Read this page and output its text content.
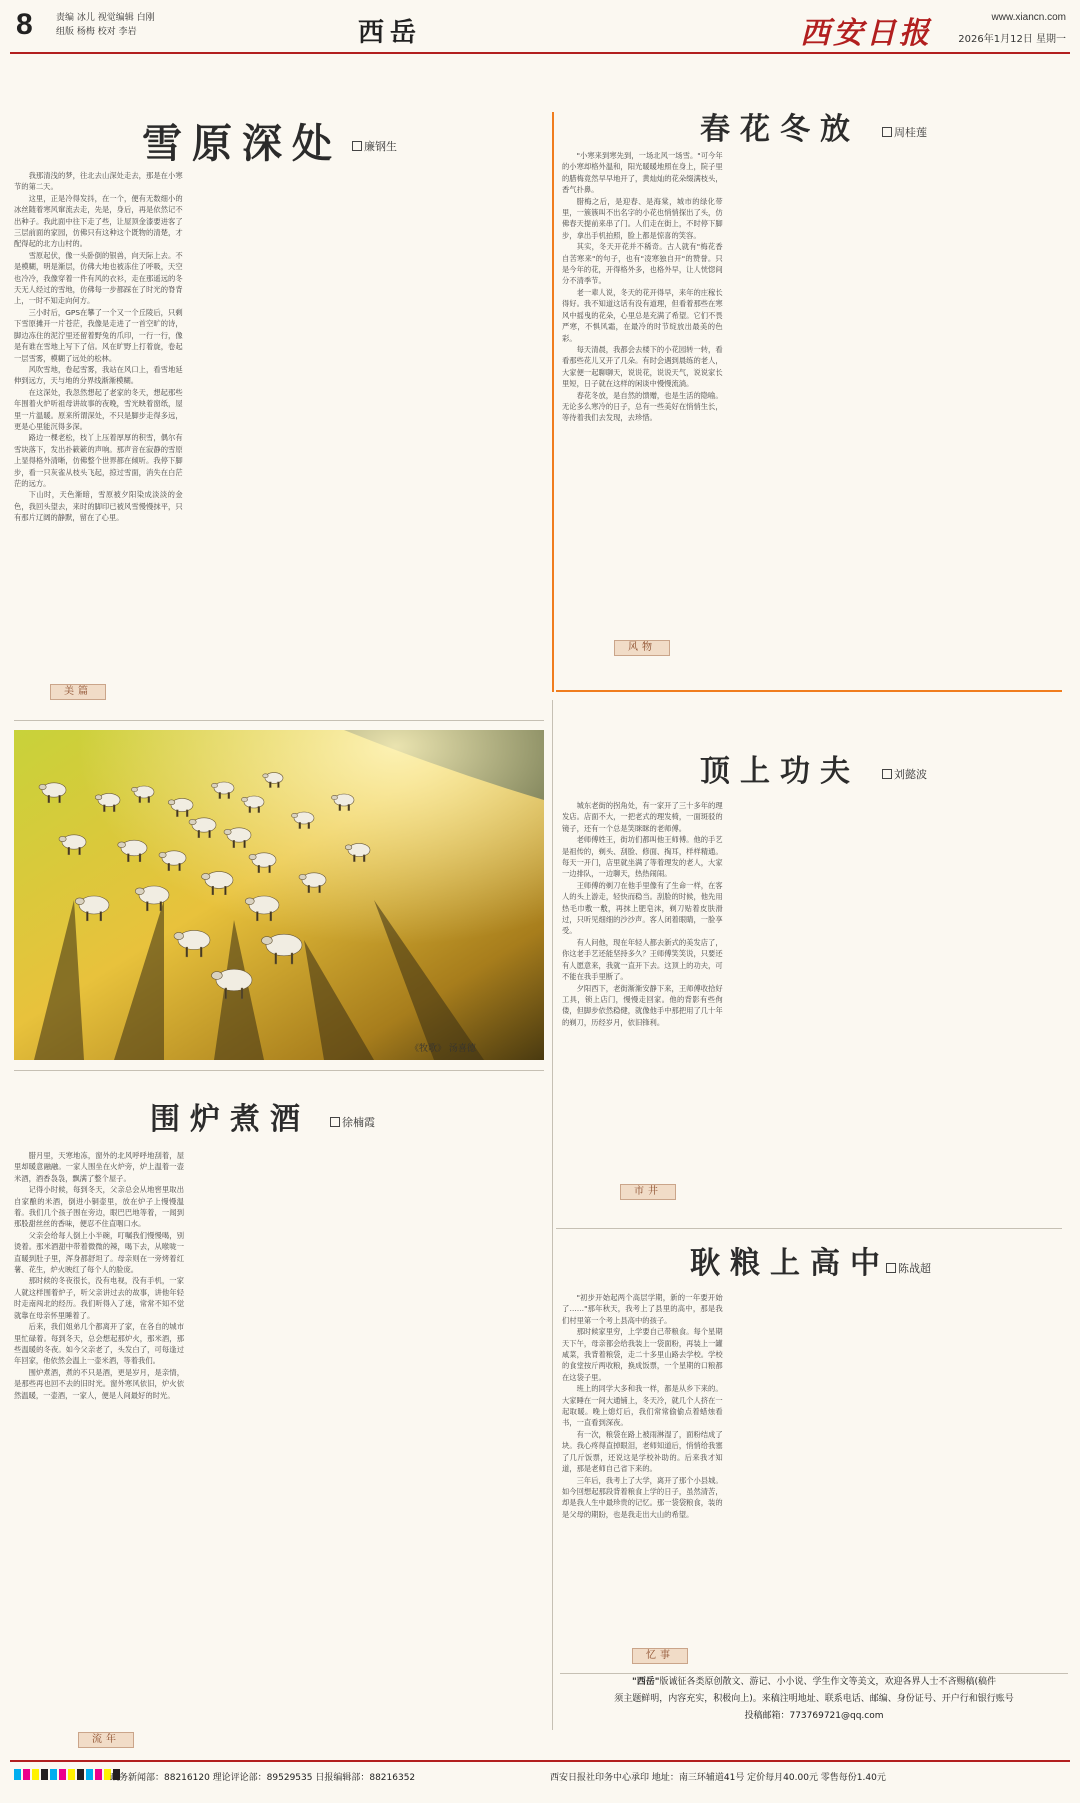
8	责编 冰儿 视觉编辑 白刚
组版 杨梅 校对 李岩	西岳	西安日报	www.xiancn.com
2026年1月12日 星期一
雪原深处	廉钢生

我那清浅的梦，往北去山深处走去，那是在小寒节的第二天。

这里，正是冷得发抖，在一个，便有无数细小的冰丝随着寒风窜流去走，先是，身后，再是依然记不出种子。我此面中往下走了些，让屋顶金漆要进客了三层前面的家园，仿佛只有这种这个既物的清楚，才配得起的北方山村的。

雪原起伏，像一头卧倒的银兽，向天际上去。不是模糊，明是渐层，仿佛大地也被冻住了呼吸，天空也冷冷，我像穿着一件有风的衣衫，走在那遥远的冬天无人经过的雪地，仿佛每一步都踩在了时光的脊背上，一时不知走向何方。

三小时后，GPS在攀了一个又一个丘陵后，只剩下雪原摊开一片苍茫，我像是走进了一首空旷的诗，脚边冻住的泥泞里还留着野兔的爪印，一行一行，像是有谁在雪地上写下了信。风在旷野上打着旋，卷起一层雪雾，模糊了远处的松林。

风吹雪地，卷起雪雾，我站在风口上，看雪地延伸到远方，天与地的分界线渐渐模糊。

在这深处，我忽然想起了老家的冬天，想起那些年围着火炉听祖母讲故事的夜晚，雪光映着窗纸，屋里一片温暖。原来所谓深处，不只是脚步走得多远，更是心里能沉得多深。

路边一棵老松，枝丫上压着厚厚的积雪，偶尔有雪块落下，发出扑簌簌的声响。那声音在寂静的雪原上显得格外清晰，仿佛整个世界都在倾听。我停下脚步，看一只灰雀从枝头飞起，掠过雪面，消失在白茫茫的远方。

下山时，天色渐暗，雪原被夕阳染成淡淡的金色，我回头望去，来时的脚印已被风雪慢慢抹平，只有那片辽阔的静默，留在了心里。

美篇
春花冬放	周桂莲

"小寒来到寒先到，一场北风一场雪。"可今年的小寒却格外温和，阳光暖暖地照在身上，院子里的腊梅竟然早早地开了，黄灿灿的花朵缀满枝头，香气扑鼻。

腊梅之后，是迎春、是海棠，城市的绿化带里，一簇簇叫不出名字的小花也悄悄探出了头，仿佛春天提前来串了门。人们走在街上，不时停下脚步，拿出手机拍照，脸上都是惊喜的笑容。

其实，冬天开花并不稀奇。古人就有"梅花香自苦寒来"的句子，也有"凌寒独自开"的赞誉。只是今年的花，开得格外多，也格外早，让人恍惚间分不清季节。

老一辈人说，冬天的花开得早，来年的庄稼长得好。我不知道这话有没有道理，但看着那些在寒风中摇曳的花朵，心里总是充满了希望。它们不畏严寒，不惧风霜，在最冷的时节绽放出最美的色彩。

每天清晨，我都会去楼下的小花园转一转，看看那些花儿又开了几朵。有时会遇到晨练的老人，大家便一起聊聊天，说说花，说说天气，说说家长里短，日子就在这样的闲谈中慢慢流淌。

春花冬放，是自然的馈赠，也是生活的隐喻。无论多么寒冷的日子，总有一些美好在悄悄生长，等待着我们去发现，去珍惜。

风物
《牧歌》 汤喜德
顶上功夫	刘懿波

城东老街的拐角处，有一家开了三十多年的理发店。店面不大，一把老式的理发椅，一面斑驳的镜子，还有一个总是笑眯眯的老师傅。

老师傅姓王，街坊们都叫他王师傅。他的手艺是祖传的，剃头、刮脸、修面、掏耳，样样精通。每天一开门，店里就坐满了等着理发的老人，大家一边排队，一边聊天，热热闹闹。

王师傅的剃刀在他手里像有了生命一样，在客人的头上游走，轻快而稳当。刮脸的时候，他先用热毛巾敷一敷，再抹上肥皂沫，剃刀贴着皮肤滑过，只听见细细的沙沙声。客人闭着眼睛，一脸享受。

有人问他，现在年轻人都去新式的美发店了，你这老手艺还能坚持多久？王师傅笑笑说，只要还有人愿意来，我就一直开下去。这顶上的功夫，可不能在我手里断了。

夕阳西下，老街渐渐安静下来，王师傅收拾好工具，锁上店门，慢慢走回家。他的背影有些佝偻，但脚步依然稳健，就像他手中那把用了几十年的剃刀，历经岁月，依旧锋利。

市井
围炉煮酒	徐楠霞

腊月里，天寒地冻，窗外的北风呼呼地刮着，屋里却暖意融融。一家人围坐在火炉旁，炉上温着一壶米酒，酒香袅袅，飘满了整个屋子。

记得小时候，每到冬天，父亲总会从地窖里取出自家酿的米酒，倒进小铜壶里，放在炉子上慢慢温着。我们几个孩子围在旁边，眼巴巴地等着，一闻到那股甜丝丝的香味，便忍不住直咽口水。

父亲会给每人倒上小半碗，叮嘱我们慢慢喝，别烫着。那米酒甜中带着微微的辣，喝下去，从喉咙一直暖到肚子里，浑身都舒坦了。母亲则在一旁烤着红薯、花生，炉火映红了每个人的脸庞。

那时候的冬夜很长，没有电视，没有手机，一家人就这样围着炉子，听父亲讲过去的故事，讲他年轻时走南闯北的经历。我们听得入了迷，常常不知不觉就靠在母亲怀里睡着了。

后来，我们姐弟几个都离开了家，在各自的城市里忙碌着。每到冬天，总会想起那炉火，那米酒，那些温暖的冬夜。如今父亲老了，头发白了，可每逢过年回家，他依然会温上一壶米酒，等着我们。

围炉煮酒，煮的不只是酒，更是岁月，是亲情，是那些再也回不去的旧时光。窗外寒风依旧，炉火依然温暖，一壶酒，一家人，便是人间最好的时光。

流年
耿粮上高中 陈战超

"初步开始起两个高层学期，新的一年要开始了……"那年秋天，我考上了县里的高中，那是我们村里第一个考上县高中的孩子。

那时候家里穷，上学要自己带粮食。每个星期天下午，母亲都会给我装上一袋面粉，再装上一罐咸菜，我背着粮袋，走二十多里山路去学校。学校的食堂按斤两收粮，换成饭票，一个星期的口粮都在这袋子里。

班上的同学大多和我一样，都是从乡下来的。大家睡在一间大通铺上，冬天冷，就几个人挤在一起取暖。晚上熄灯后，我们常常偷偷点着蜡烛看书，一直看到深夜。

有一次，粮袋在路上被雨淋湿了，面粉结成了块。我心疼得直掉眼泪，老师知道后，悄悄给我塞了几斤饭票，还说这是学校补助的。后来我才知道，那是老师自己省下来的。

三年后，我考上了大学，离开了那个小县城。如今回想起那段背着粮食上学的日子，虽然清苦，却是我人生中最珍贵的记忆。那一袋袋粮食，装的是父母的期盼，也是我走出大山的希望。

忆事
"西岳"版诚征各类原创散文、游记、小小说、学生作文等美文，欢迎各界人士不吝赐稿(稿件
须主题鲜明，内容充实，积极向上)。来稿注明地址、联系电话、邮编、身份证号、开户行和银行账号
投稿邮箱：773769721@qq.com
政务新闻部：88216120 理论评论部：89529535 日报编辑部：88216352	西安日报社印务中心承印 地址：南三环辅道41号 定价每月40.00元 零售每份1.40元
